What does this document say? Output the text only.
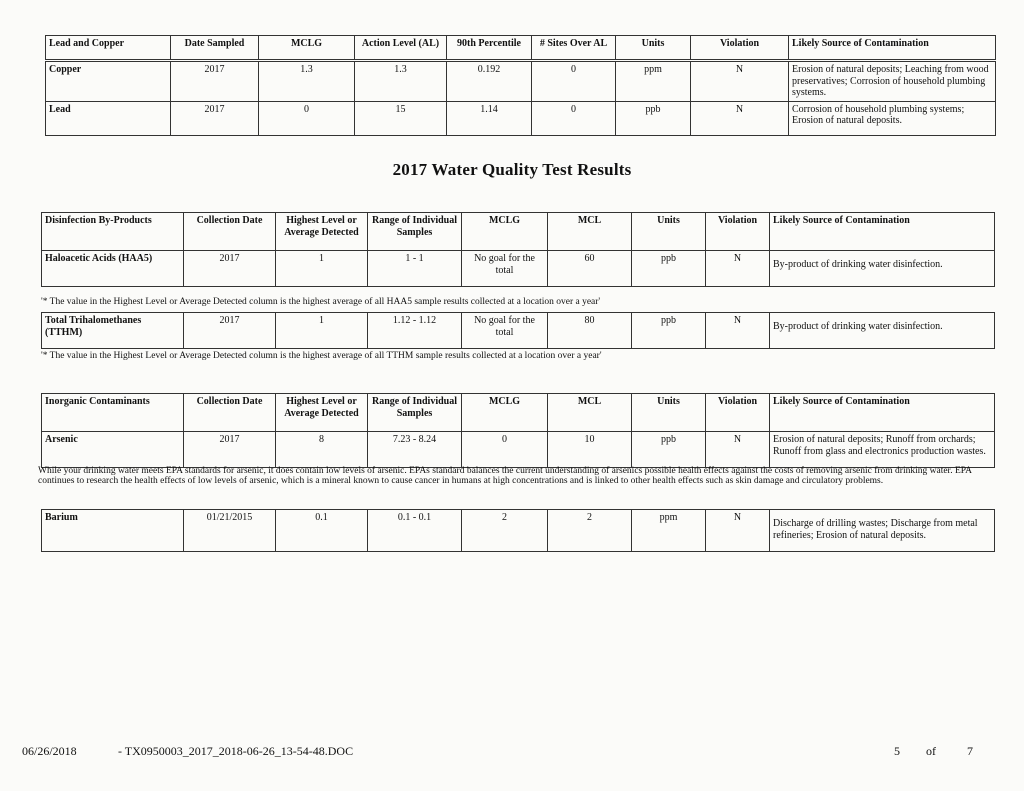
Lead and Copper	Date Sampled	MCLG	Action Level (AL)	90th Percentile	# Sites Over AL	Units	Violation	Likely Source of Contamination

Copper	2017	1.3	1.3	0.192	0	ppm	N	Erosion of natural deposits; Leaching from wood preservatives; Corrosion of household plumbing systems.
Lead	2017	0	15	1.14	0	ppb	N	Corrosion of household plumbing systems; Erosion of natural deposits.
2017 Water Quality Test Results
Disinfection By-Products	Collection Date	Highest Level or Average Detected	Range of Individual Samples	MCLG	MCL	Units	Violation	Likely Source of Contamination
Haloacetic Acids (HAA5)	2017	1	1 - 1	No goal for the total	60	ppb	N	By-product of drinking water disinfection.
'* The value in the Highest Level or Average Detected column is the highest average of all HAA5 sample results collected at a location over a year'
Total Trihalomethanes (TTHM)	2017	1	1.12 - 1.12	No goal for the total	80	ppb	N	By-product of drinking water disinfection.
'* The value in the Highest Level or Average Detected column is the highest average of all TTHM sample results collected at a location over a year'
Inorganic Contaminants	Collection Date	Highest Level or Average Detected	Range of Individual Samples	MCLG	MCL	Units	Violation	Likely Source of Contamination
Arsenic	2017	8	7.23 - 8.24	0	10	ppb	N	Erosion of natural deposits; Runoff from orchards; Runoff from glass and electronics production wastes.
While your drinking water meets EPA standards for arsenic, it does contain low levels of arsenic. EPAs standard balances the current understanding of arsenics possible health effects against the costs of removing arsenic from drinking water. EPA continues to research the health effects of low levels of arsenic, which is a mineral known to cause cancer in humans at high concentrations and is linked to other health effects such as skin damage and circulatory problems.
Barium	01/21/2015	0.1	0.1 - 0.1	2	2	ppm	N	Discharge of drilling wastes; Discharge from metal refineries; Erosion of natural deposits.
06/26/2018	- TX0950003_2017_2018-06-26_13-54-48.DOC	5 of	7
